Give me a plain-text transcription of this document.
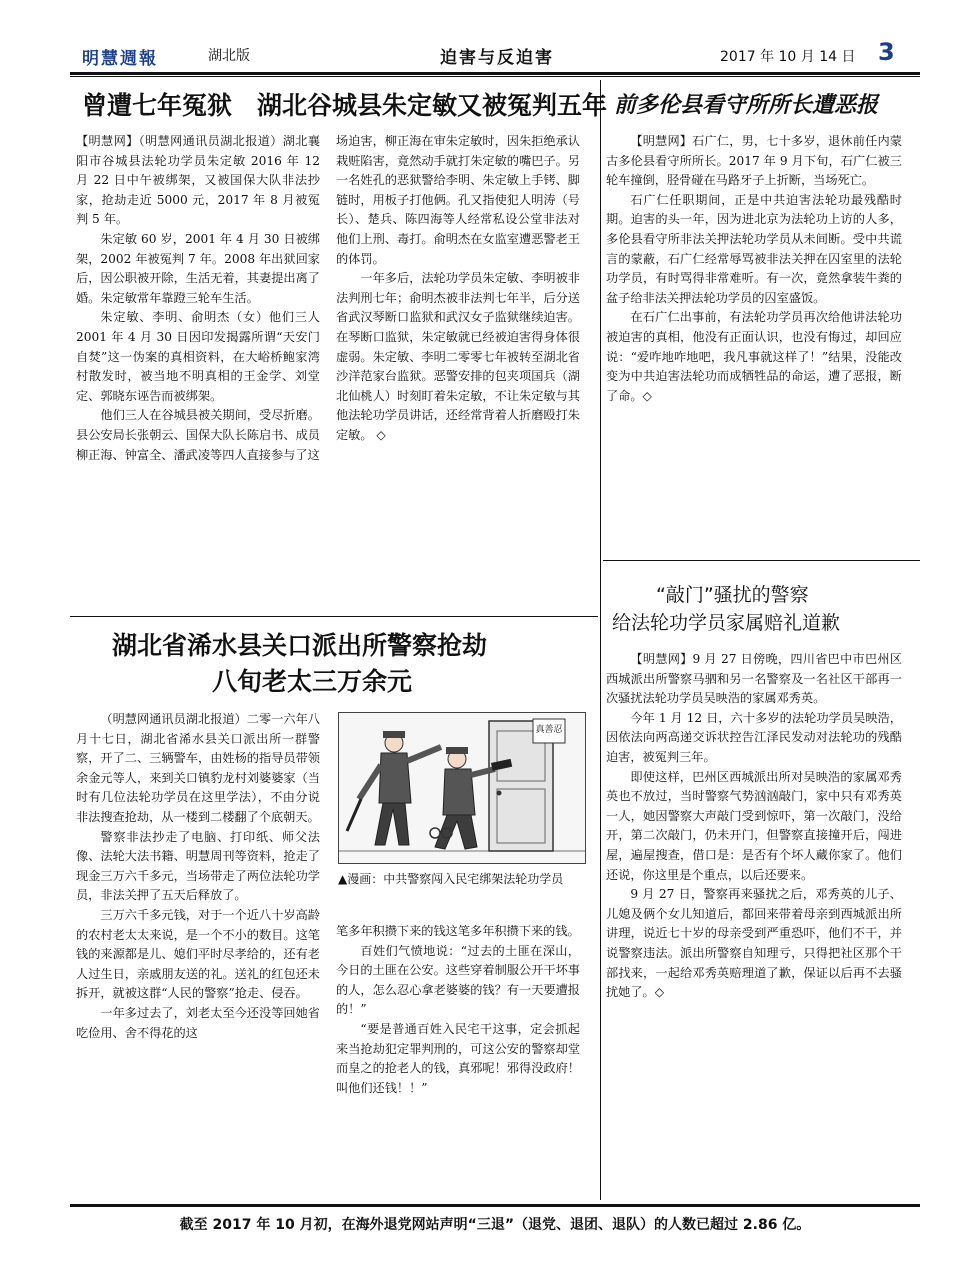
明慧週報	湖北版	迫害与反迫害	2017 年 10 月 14 日 3
曾遭七年冤狱　湖北谷城县朱定敏又被冤判五年

【明慧网】（明慧网通讯员湖北报道）湖北襄阳市谷城县法轮功学员朱定敏 2016 年 12 月 22 日中午被绑架，又被国保大队非法抄家，抢劫走近 5000 元，2017 年 8 月被冤判 5 年。

朱定敏 60 岁，2001 年 4 月 30 日被绑架，2002 年被冤判 7 年。2008 年出狱回家后，因公职被开除，生活无着，其妻提出离了婚。朱定敏常年靠蹬三轮车生活。

朱定敏、李明、俞明杰（女）他们三人 2001 年 4 月 30 日因印发揭露所谓“天安门自焚”这一伪案的真相资料，在大峪桥鲍家湾村散发时，被当地不明真相的王金学、刘堂定、郭晓东诬告而被绑架。

他们三人在谷城县被关期间，受尽折磨。县公安局长张朝云、国保大队长陈启书、成员柳正海、钟富全、潘武凌等四人直接参与了这

场迫害，柳正海在审朱定敏时，因朱拒绝承认栽赃陷害，竟然动手就打朱定敏的嘴巴子。另一名姓孔的恶狱警给李明、朱定敏上手铐、脚链时，用板子打他俩。孔又指使犯人明涛（号长）、楚兵、陈四海等人经常私设公堂非法对他们上刑、毒打。俞明杰在女监室遭恶警老王的体罚。

一年多后，法轮功学员朱定敏、李明被非法判刑七年；俞明杰被非法判七年半，后分送省武汉琴断口监狱和武汉女子监狱继续迫害。在琴断口监狱，朱定敏就已经被迫害得身体很虚弱。朱定敏、李明二零零七年被转至湖北省沙洋范家台监狱。恶警安排的包夹项国兵（湖北仙桃人）时刻盯着朱定敏，不让朱定敏与其他法轮功学员讲话，还经常背着人折磨殴打朱定敏。 ◇

湖北省浠水县关口派出所警察抢劫
八旬老太三万余元

（明慧网通讯员湖北报道）二零一六年八月十七日，湖北省浠水县关口派出所一群警察，开了二、三辆警车，由姓杨的指导员带领余金元等人，来到关口镇豹龙村刘婆婆家（当时有几位法轮功学员在这里学法），不由分说非法搜查抢劫，从一楼到二楼翻了个底朝天。

警察非法抄走了电脑、打印纸、师父法像、法轮大法书籍、明慧周刊等资料，抢走了现金三万六千多元，当场带走了两位法轮功学员，非法关押了五天后释放了。

三万六千多元钱，对于一个近八十岁高龄的农村老太太来说，是一个不小的数目。这笔钱的来源都是儿、媳们平时尽孝给的，还有老人过生日，亲戚朋友送的礼。送礼的红包还未拆开，就被这群“人民的警察”抢走、侵吞。

一年多过去了，刘老太至今还没等回她省吃俭用、舍不得花的这

真善忍
▲漫画：中共警察闯入民宅绑架法轮功学员

笔多年积攒下来的钱这笔多年积攒下来的钱。

百姓们气愤地说：“过去的土匪在深山，今日的土匪在公安。这些穿着制服公开干坏事的人，怎么忍心拿老婆婆的钱？有一天要遭报的！”

“要是普通百姓入民宅干这事，定会抓起来当抢劫犯定罪判刑的，可这公安的警察却堂而皇之的抢老人的钱，真邪呢！邪得没政府！叫他们还钱！！”

前多伦县看守所所长遭恶报

【明慧网】石广仁，男，七十多岁，退休前任内蒙古多伦县看守所所长。2017 年 9 月下旬，石广仁被三轮车撞倒，胫骨碰在马路牙子上折断，当场死亡。

石广仁任职期间，正是中共迫害法轮功最残酷时期。迫害的头一年，因为进北京为法轮功上访的人多，多伦县看守所非法关押法轮功学员从未间断。受中共谎言的蒙蔽，石广仁经常辱骂被非法关押在囚室里的法轮功学员，有时骂得非常难听。有一次，竟然拿装牛粪的盆子给非法关押法轮功学员的囚室盛饭。

在石广仁出事前，有法轮功学员再次给他讲法轮功被迫害的真相，他没有正面认识，也没有悔过，却回应说：“爱咋地咋地吧，我凡事就这样了！”结果，没能改变为中共迫害法轮功而成牺牲品的命运，遭了恶报，断了命。◇

“敲门”骚扰的警察
给法轮功学员家属赔礼道歉

【明慧网】9 月 27 日傍晚，四川省巴中市巴州区西城派出所警察马驷和另一名警察及一名社区干部再一次骚扰法轮功学员吴映浩的家属邓秀英。

今年 1 月 12 日，六十多岁的法轮功学员吴映浩，因依法向两高递交诉状控告江泽民发动对法轮功的残酷迫害，被冤判三年。

即使这样，巴州区西城派出所对吴映浩的家属邓秀英也不放过，当时警察气势汹汹敲门，家中只有邓秀英一人，她因警察大声敲门受到惊吓，第一次敲门，没给开，第二次敲门，仍未开门，但警察直接撞开后，闯进屋，遍屋搜查，借口是：是否有个坏人藏你家了。他们还说，你这里是个重点，以后还要来。

9 月 27 日，警察再来骚扰之后，邓秀英的儿子、儿媳及俩个女儿知道后，都回来带着母亲到西城派出所讲理，说近七十岁的母亲受到严重恐吓，他们不干，并说警察违法。派出所警察自知理亏，只得把社区那个干部找来，一起给邓秀英赔理道了歉，保证以后再不去骚扰她了。◇

截至 2017 年 10 月初，在海外退党网站声明“三退”（退党、退团、退队）的人数已超过 2.86 亿。
